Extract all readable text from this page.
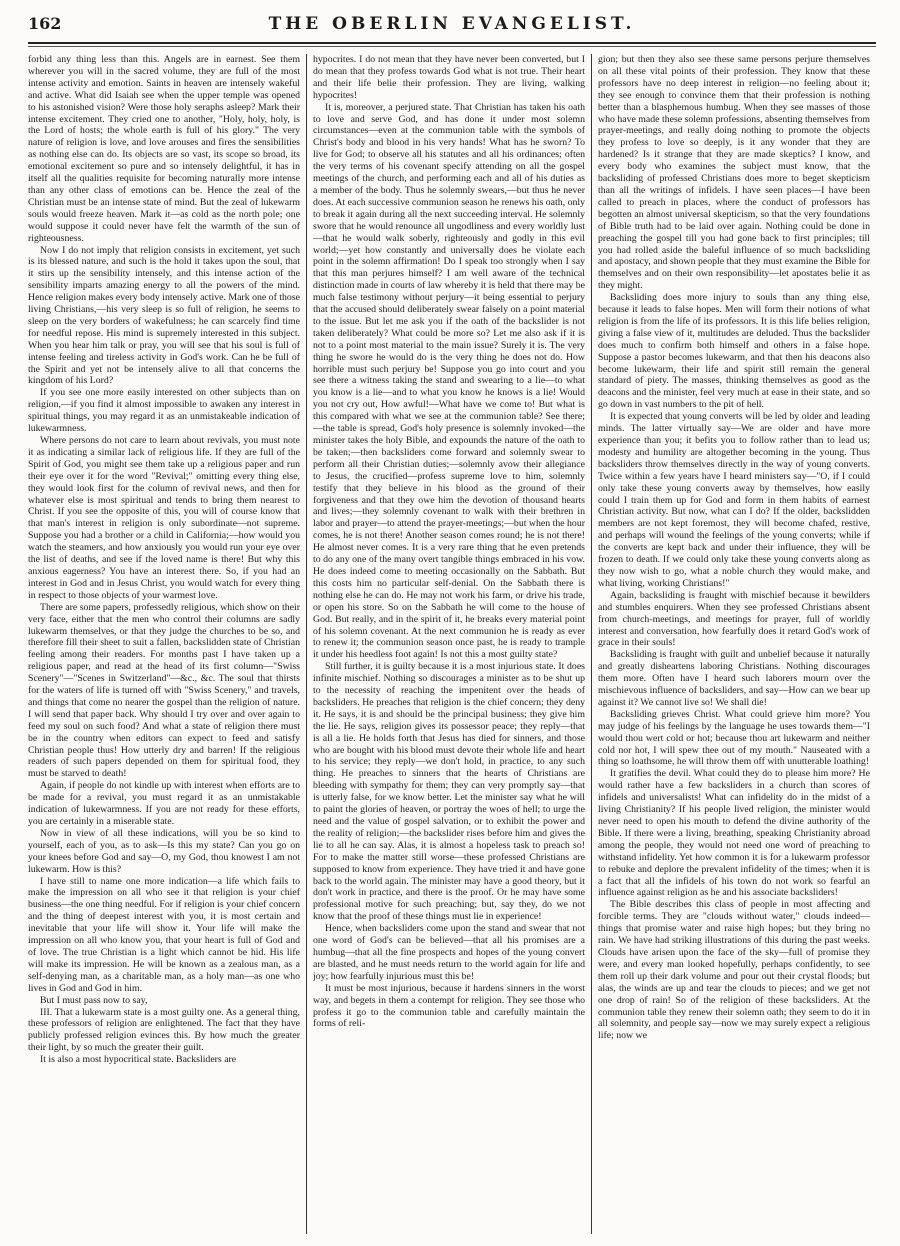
162	THE OBERLIN EVANGELIST.

forbid any thing less than this. Angels are in earnest. See them wherever you will in the sacred volume, they are full of the most intense activity and emotion. Saints in heaven are intensely wakeful and active. What did Isaiah see when the upper temple was opened to his astonished vision? Were those holy seraphs asleep? Mark their intense excitement. They cried one to another, "Holy, holy, holy, is the Lord of hosts; the whole earth is full of his glory." The very nature of religion is love, and love arouses and fires the sensibilities as nothing else can do. Its objects are so vast, its scope so broad, its emotional excitement so pure and so intensely delightful, it has in itself all the qualities requisite for becoming naturally more intense than any other class of emotions can be. Hence the zeal of the Christian must be an intense state of mind. But the zeal of lukewarm souls would freeze heaven. Mark it—as cold as the north pole; one would suppose it could never have felt the warmth of the sun of righteousness.

Now I do not imply that religion consists in excitement, yet such is its blessed nature, and such is the hold it takes upon the soul, that it stirs up the sensibility intensely, and this intense action of the sensibility imparts amazing energy to all the powers of the mind. Hence religion makes every body intensely active. Mark one of those living Christians,—his very sleep is so full of religion, he seems to sleep on the very borders of wakefulness; he can scarcely find time for needful repose. His mind is supremely interested in this subject. When you hear him talk or pray, you will see that his soul is full of intense feeling and tireless activity in God's work. Can he be full of the Spirit and yet not be intensely alive to all that concerns the kingdom of his Lord?

If you see one more easily interested on other subjects than on religion,—if you find it almost impossible to awaken any interest in spiritual things, you may regard it as an unmistakeable indication of lukewarmness.

Where persons do not care to learn about revivals, you must note it as indicating a similar lack of religious life. If they are full of the Spirit of God, you might see them take up a religious paper and run their eye over it for the word "Revival;" omitting every thing else, they would look first for the column of revival news, and then for whatever else is most spiritual and tends to bring them nearest to Christ. If you see the opposite of this, you will of course know that that man's interest in religion is only subordinate—not supreme. Suppose you had a brother or a child in California;—how would you watch the steamers, and how anxiously you would run your eye over the list of deaths, and see if the loved name is there! But why this anxious eagerness? You have an interest there. So, if you had an interest in God and in Jesus Christ, you would watch for every thing in respect to those objects of your warmest love.

There are some papers, professedly religious, which show on their very face, either that the men who control their columns are sadly lukewarm themselves, or that they judge the churches to be so, and therefore fill their sheet to suit a fallen, backslidden state of Christian feeling among their readers. For months past I have taken up a religious paper, and read at the head of its first column—"Swiss Scenery"—"Scenes in Switzerland"—&c., &c. The soul that thirsts for the waters of life is turned off with "Swiss Scenery," and travels, and things that come no nearer the gospel than the religion of nature. I will send that paper back. Why should I try over and over again to feed my soul on such food? And what a state of religion there must be in the country when editors can expect to feed and satisfy Christian people thus! How utterly dry and barren! If the religious readers of such papers depended on them for spiritual food, they must be starved to death!

Again, if people do not kindle up with interest when efforts are to be made for a revival, you must regard it as an unmistakable indication of lukewarmness. If you are not ready for these efforts, you are certainly in a miserable state.

Now in view of all these indications, will you be so kind to yourself, each of you, as to ask—Is this my state? Can you go on your knees before God and say—O, my God, thou knowest I am not lukewarm. How is this?

I have still to name one more indication—a life which fails to make the impression on all who see it that religion is your chief business—the one thing needful. For if religion is your chief concern and the thing of deepest interest with you, it is most certain and inevitable that your life will show it. Your life will make the impression on all who know you, that your heart is full of God and of love. The true Christian is a light which cannot be hid. His life will make its impression. He will be known as a zealous man, as a self-denying man, as a charitable man, as a holy man—as one who lives in God and God in him.

But I must pass now to say,

III. That a lukewarm state is a most guilty one. As a general thing, these professors of religion are enlightened. The fact that they have publicly professed religion evinces this. By how much the greater their light, by so much the greater their guilt.

It is also a most hypocritical state. Backsliders are

hypocrites. I do not mean that they have never been converted, but I do mean that they profess towards God what is not true. Their heart and their life belie their profession. They are living, walking hypocrites!

It is, moreover, a perjured state. That Christian has taken his oath to love and serve God, and has done it under most solemn circumstances—even at the communion table with the symbols of Christ's body and blood in his very hands! What has he sworn? To live for God; to observe all his statutes and all his ordinances; often the very terms of his covenant specify attending on all the gospel meetings of the church, and performing each and all of his duties as a member of the body. Thus he solemnly swears,—but thus he never does. At each successive communion season he renews his oath, only to break it again during all the next succeeding interval. He solemnly swore that he would renounce all ungodliness and every worldly lust—that he would walk soberly, righteously and godly in this evil world;—yet how constantly and universally does he violate each point in the solemn affirmation! Do I speak too strongly when I say that this man perjures himself? I am well aware of the technical distinction made in courts of law whereby it is held that there may be much false testimony without perjury—it being essential to perjury that the accused should deliberately swear falsely on a point material to the issue. But let me ask you if the oath of the backslider is not taken deliberately? What could be more so? Let me also ask if it is not to a point most material to the main issue? Surely it is. The very thing he swore he would do is the very thing he does not do. How horrible must such perjury be! Suppose you go into court and you see there a witness taking the stand and swearing to a lie—to what you know is a lie—and to what you know he knows is a lie! Would you not cry out, How awful!—What have we come to! But what is this compared with what we see at the communion table? See there; —the table is spread, God's holy presence is solemnly invoked—the minister takes the holy Bible, and expounds the nature of the oath to be taken;—then backsliders come forward and solemnly swear to perform all their Christian duties;—solemnly avow their allegiance to Jesus, the crucified—profess supreme love to him, solemnly testify that they believe in his blood as the ground of their forgiveness and that they owe him the devotion of thousand hearts and lives;—they solemnly covenant to walk with their brethren in labor and prayer—to attend the prayer-meetings;—but when the hour comes, he is not there! Another season comes round; he is not there! He almost never comes. It is a very rare thing that he even pretends to do any one of the many overt tangible things embraced in his vow. He does indeed come to meeting occasionally on the Sabbath. But this costs him no particular self-denial. On the Sabbath there is nothing else he can do. He may not work his farm, or drive his trade, or open his store. So on the Sabbath he will come to the house of God. But really, and in the spirit of it, he breaks every material point of his solemn covenant. At the next communion he is ready as ever to renew it; the communion season once past, he is ready to trample it under his heedless foot again! Is not this a most guilty state?

Still further, it is guilty because it is a most injurious state. It does infinite mischief. Nothing so discourages a minister as to be shut up to the necessity of reaching the impenitent over the heads of backsliders. He preaches that religion is the chief concern; they deny it. He says, it is and should be the principal business; they give him the lie. He says, religion gives its possessor peace; they reply—that is all a lie. He holds forth that Jesus has died for sinners, and those who are bought with his blood must devote their whole life and heart to his service; they reply—we don't hold, in practice, to any such thing. He preaches to sinners that the hearts of Christians are bleeding with sympathy for them; they can very promptly say—that is utterly false, for we know better. Let the minister say what he will to paint the glories of heaven, or portray the woes of hell; to urge the need and the value of gospel salvation, or to exhibit the power and the reality of religion;—the backslider rises before him and gives the lie to all he can say. Alas, it is almost a hopeless task to preach so! For to make the matter still worse—these professed Christians are supposed to know from experience. They have tried it and have gone back to the world again. The minister may have a good theory, but it don't work in practice, and there is the proof. Or he may have some professional motive for such preaching; but, say they, do we not know that the proof of these things must lie in experience!

Hence, when backsliders come upon the stand and swear that not one word of God's can be believed—that all his promises are a humbug—that all the fine prospects and hopes of the young convert are blasted, and he must needs return to the world again for life and joy; how fearfully injurious must this be!

It must be most injurious, because it hardens sinners in the worst way, and begets in them a contempt for religion. They see those who profess it go to the communion table and carefully maintain the forms of reli-

gion; but then they also see these same persons perjure themselves on all these vital points of their profession. They know that these professors have no deep interest in religion—no feeling about it; they see enough to convince them that their profession is nothing better than a blasphemous humbug. When they see masses of those who have made these solemn professions, absenting themselves from prayer-meetings, and really doing nothing to promote the objects they profess to love so deeply, is it any wonder that they are hardened? Is it strange that they are made skeptics? I know, and every body who examines the subject must know, that the backsliding of professed Christians does more to beget skepticism than all the writings of infidels. I have seen places—I have been called to preach in places, where the conduct of professors has begotten an almost universal skepticism, so that the very foundations of Bible truth had to be laid over again. Nothing could be done in preaching the gospel till you had gone back to first principles; till you had rolled aside the baleful influence of so much backsliding and apostacy, and shown people that they must examine the Bible for themselves and on their own responsibility—let apostates belie it as they might.

Backsliding does more injury to souls than any thing else, because it leads to false hopes. Men will form their notions of what religion is from the life of its professors. It is this life belies religion, giving a false view of it, multitudes are deluded. Thus the backslider does much to confirm both himself and others in a false hope. Suppose a pastor becomes lukewarm, and that then his deacons also become lukewarm, their life and spirit still remain the general standard of piety. The masses, thinking themselves as good as the deacons and the minister, feel very much at ease in their state, and so go down in vast numbers to the pit of hell.

It is expected that young converts will be led by older and leading minds. The latter virtually say—We are older and have more experience than you; it befits you to follow rather than to lead us; modesty and humility are altogether becoming in the young. Thus backsliders throw themselves directly in the way of young converts. Twice within a few years have I heard ministers say—"O, if I could only take these young converts away by themselves, how easily could I train them up for God and form in them habits of earnest Christian activity. But now, what can I do? If the older, backslidden members are not kept foremost, they will become chafed, restive, and perhaps will wound the feelings of the young converts; while if the converts are kept back and under their influence, they will be frozen to death. If we could only take these young converts along as they now wish to go, what a noble church they would make, and what living, working Christians!"

Again, backsliding is fraught with mischief because it bewilders and stumbles enquirers. When they see professed Christians absent from church-meetings, and meetings for prayer, full of worldly interest and conversation, how fearfully does it retard God's work of grace in their souls!

Backsliding is fraught with guilt and unbelief because it naturally and greatly disheartens laboring Christians. Nothing discourages them more. Often have I heard such laborers mourn over the mischievous influence of backsliders, and say—How can we bear up against it? We cannot live so! We shall die!

Backsliding grieves Christ. What could grieve him more? You may judge of his feelings by the language he uses towards them—"I would thou wert cold or hot; because thou art lukewarm and neither cold nor hot, I will spew thee out of my mouth." Nauseated with a thing so loathsome, he will throw them off with unutterable loathing!

It gratifies the devil. What could they do to please him more? He would rather have a few backsliders in a church than scores of infidels and universalists! What can infidelity do in the midst of a living Christianity? If his people lived religion, the minister would never need to open his mouth to defend the divine authority of the Bible. If there were a living, breathing, speaking Christianity abroad among the people, they would not need one word of preaching to withstand infidelity. Yet how common it is for a lukewarm professor to rebuke and deplore the prevalent infidelity of the times; when it is a fact that all the infidels of his town do not work so fearful an influence against religion as he and his associate backsliders!

The Bible describes this class of people in most affecting and forcible terms. They are "clouds without water," clouds indeed—things that promise water and raise high hopes; but they bring no rain. We have had striking illustrations of this during the past weeks. Clouds have arisen upon the face of the sky—full of promise they were, and every man looked hopefully, perhaps confidently, to see them roll up their dark volume and pour out their crystal floods; but alas, the winds are up and tear the clouds to pieces; and we get not one drop of rain! So of the religion of these backsliders. At the communion table they renew their solemn oath; they seem to do it in all solemnity, and people say—now we may surely expect a religious life; now we
